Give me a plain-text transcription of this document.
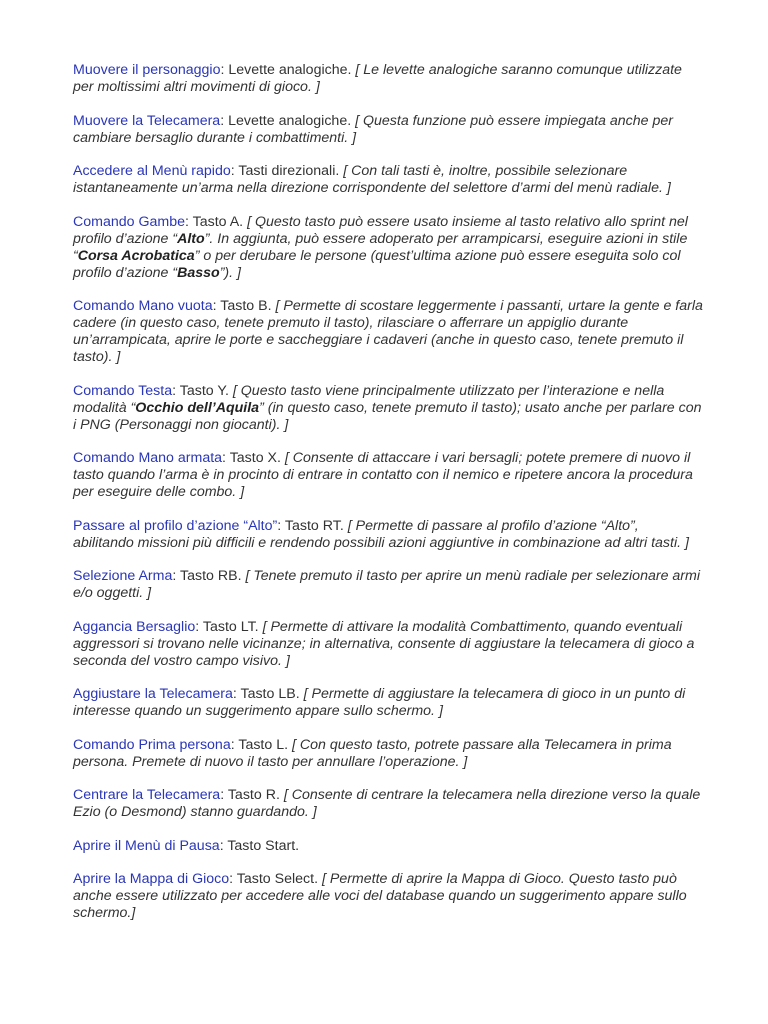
Muovere il personaggio: Levette analogiche. [ Le levette analogiche saranno comunque utilizzate per moltissimi altri movimenti di gioco. ]

Muovere la Telecamera: Levette analogiche. [ Questa funzione può essere impiegata anche per cambiare bersaglio durante i combattimenti. ]

Accedere al Menù rapido: Tasti direzionali. [ Con tali tasti è, inoltre, possibile selezionare istantaneamente un’arma nella direzione corrispondente del selettore d’armi del menù radiale. ]

Comando Gambe: Tasto A. [ Questo tasto può essere usato insieme al tasto relativo allo sprint nel profilo d’azione “Alto”. In aggiunta, può essere adoperato per arrampicarsi, eseguire azioni in stile “Corsa Acrobatica” o per derubare le persone (quest’ultima azione può essere eseguita solo col profilo d’azione “Basso”). ]

Comando Mano vuota: Tasto B. [ Permette di scostare leggermente i passanti, urtare la gente e farla cadere (in questo caso, tenete premuto il tasto), rilasciare o afferrare un appiglio durante un’arrampicata, aprire le porte e saccheggiare i cadaveri (anche in questo caso, tenete premuto il tasto). ]

Comando Testa: Tasto Y. [ Questo tasto viene principalmente utilizzato per l’interazione e nella modalità “Occhio dell’Aquila” (in questo caso, tenete premuto il tasto); usato anche per parlare con i PNG (Personaggi non giocanti). ]

Comando Mano armata: Tasto X. [ Consente di attaccare i vari bersagli; potete premere di nuovo il tasto quando l’arma è in procinto di entrare in contatto con il nemico e ripetere ancora la procedura per eseguire delle combo. ]

Passare al profilo d’azione “Alto”: Tasto RT. [ Permette di passare al profilo d’azione “Alto”, abilitando missioni più difficili e rendendo possibili azioni aggiuntive in combinazione ad altri tasti. ]

Selezione Arma: Tasto RB. [ Tenete premuto il tasto per aprire un menù radiale per selezionare armi e/o oggetti. ]

Aggancia Bersaglio: Tasto LT. [ Permette di attivare la modalità Combattimento, quando eventuali aggressori si trovano nelle vicinanze; in alternativa, consente di aggiustare la telecamera di gioco a seconda del vostro campo visivo. ]

Aggiustare la Telecamera: Tasto LB. [ Permette di aggiustare la telecamera di gioco in un punto di interesse quando un suggerimento appare sullo schermo. ]

Comando Prima persona: Tasto L. [ Con questo tasto, potrete passare alla Telecamera in prima persona. Premete di nuovo il tasto per annullare l’operazione. ]

Centrare la Telecamera: Tasto R. [ Consente di centrare la telecamera nella direzione verso la quale Ezio (o Desmond) stanno guardando. ]

Aprire il Menù di Pausa: Tasto Start.

Aprire la Mappa di Gioco: Tasto Select. [ Permette di aprire la Mappa di Gioco. Questo tasto può anche essere utilizzato per accedere alle voci del database quando un suggerimento appare sullo schermo.]
